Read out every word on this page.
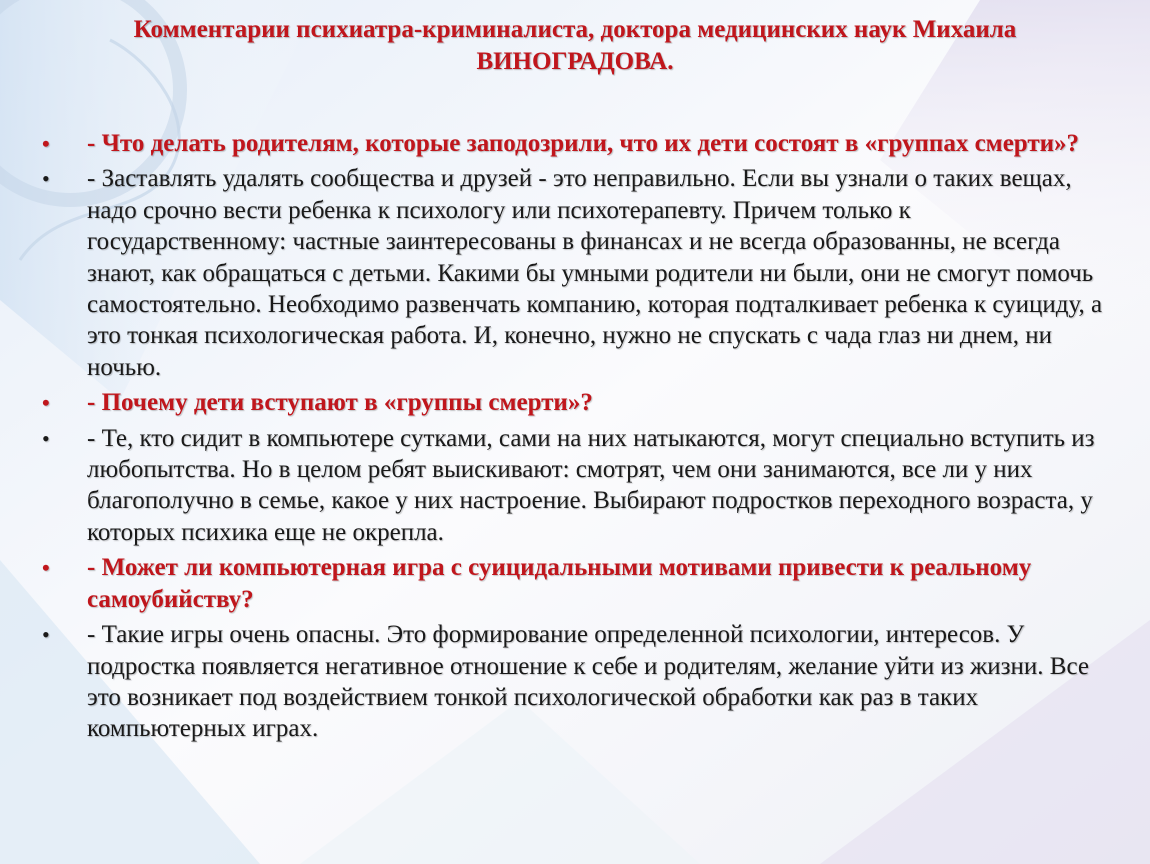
Комментарии психиатра-криминалиста, доктора медицинских наук Михаила
ВИНОГРАДОВА.
•	- Что делать родителям, которые заподозрили, что их дети состоят в «группах смерти»?
•	- Заставлять удалять сообщества и друзей - это неправильно. Если вы узнали о таких вещах, надо срочно вести ребенка к психологу или психотерапевту. Причем только к государственному: частные заинтересованы в финансах и не всегда образованны, не всегда знают, как обращаться с детьми. Какими бы умными родители ни были, они не смогут помочь самостоятельно. Необходимо развенчать компанию, которая подталкивает ребенка к суициду, а это тонкая психологическая работа. И, конечно, нужно не спускать с чада глаз ни днем, ни ночью.
•	- Почему дети вступают в «группы смерти»?
•	- Те, кто сидит в компьютере сутками, сами на них натыкаются, могут специально вступить из любопытства. Но в целом ребят выискивают: смотрят, чем они занимаются, все ли у них благополучно в семье, какое у них настроение. Выбирают подростков переходного возраста, у которых психика еще не окрепла.
•	- Может ли компьютерная игра с суицидальными мотивами привести к реальному самоубийству?
•	- Такие игры очень опасны. Это формирование определенной психологии, интересов. У подростка появляется негативное отношение к себе и родителям, желание уйти из жизни. Все это возникает под воздействием тонкой психологической обработки как раз в таких компьютерных играх.
